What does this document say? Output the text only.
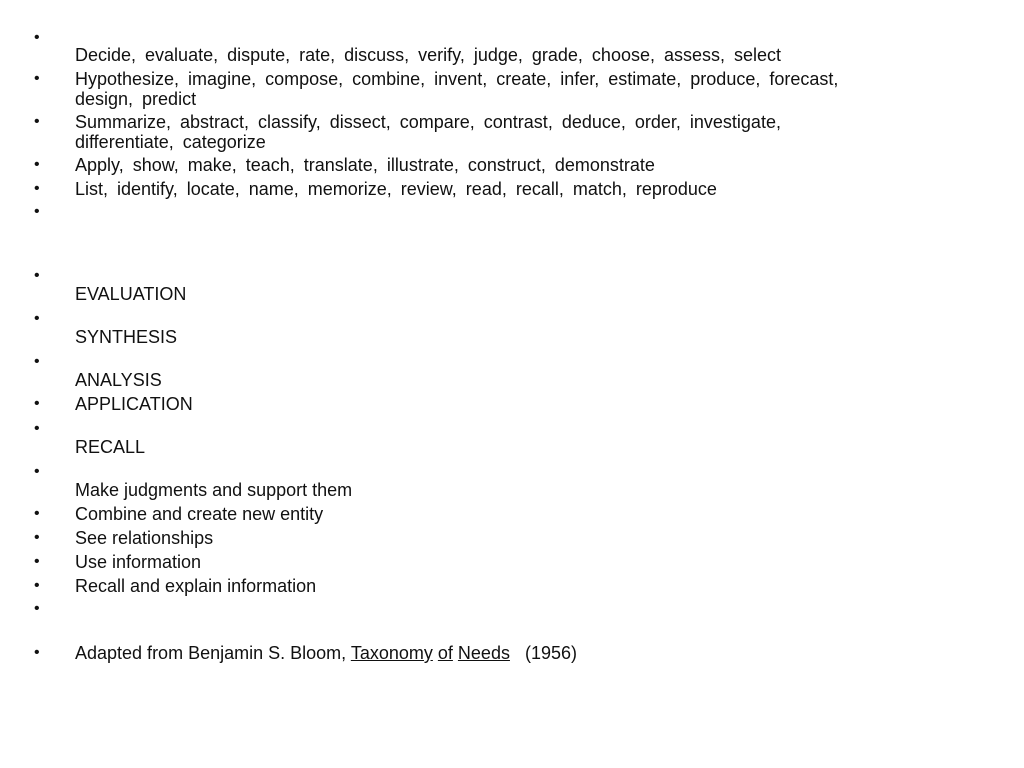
•
Decide, evaluate, dispute, rate, discuss, verify, judge, grade, choose, assess, select
• Hypothesize, imagine, compose, combine, invent, create, infer, estimate, produce, forecast,
design, predict
• Summarize, abstract, classify, dissect, compare, contrast, deduce, order, investigate,
differentiate, categorize
• Apply, show, make, teach, translate, illustrate, construct, demonstrate
• List, identify, locate, name, memorize, review, read, recall, match, reproduce
•
•
EVALUATION
•
SYNTHESIS
•
ANALYSIS
• APPLICATION
•
RECALL
•
Make judgments and support them
• Combine and create new entity
• See relationships
• Use information
• Recall and explain information
•
• Adapted from Benjamin S. Bloom, Taxonomy of Needs (1956)
